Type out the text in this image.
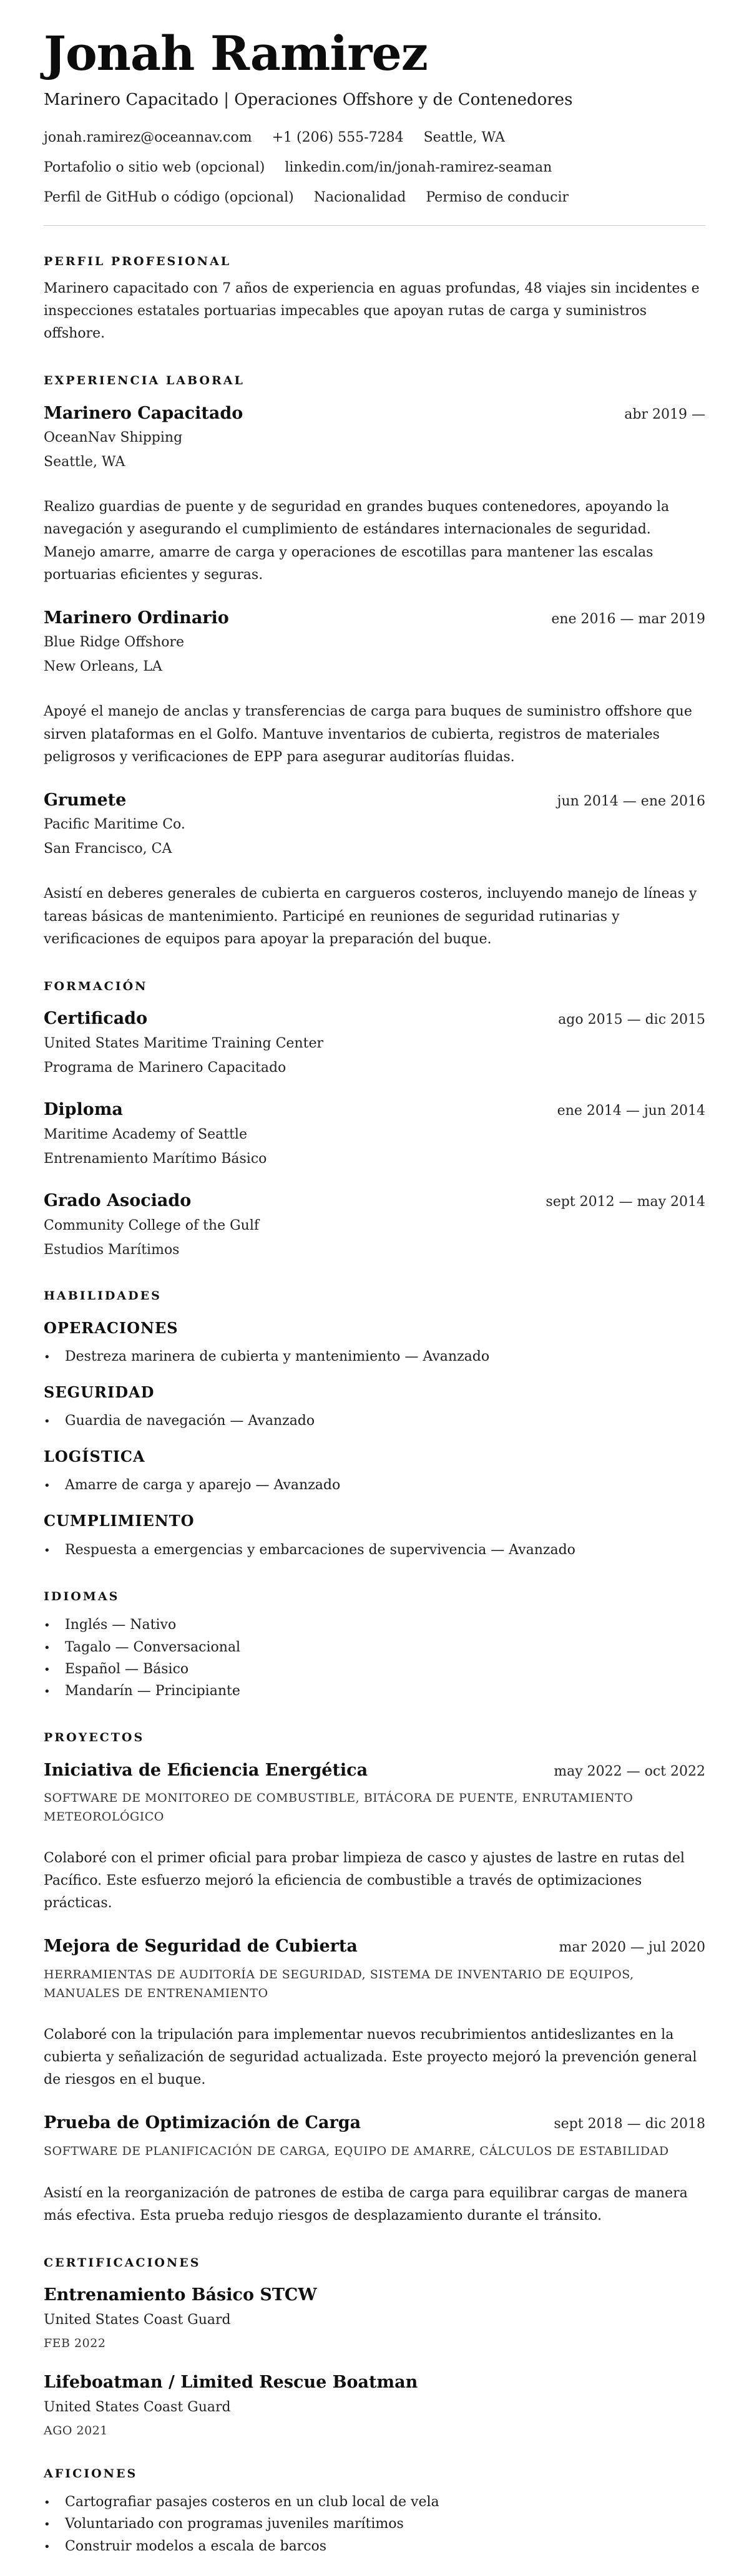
Jonah Ramirez
Marinero Capacitado | Operaciones Offshore y de Contenedores
jonah.ramirez@oceannav.com +1 (206) 555-7284 Seattle, WA
Portafolio o sitio web (opcional) linkedin.com/in/jonah-ramirez-seaman
Perfil de GitHub o código (opcional) Nacionalidad Permiso de conducir
PERFIL PROFESIONAL

Marinero capacitado con 7 años de experiencia en aguas profundas, 48 viajes sin incidentes e inspecciones estatales portuarias impecables que apoyan rutas de carga y suministros offshore.

EXPERIENCIA LABORAL
Marinero Capacitado	abr 2019 —
OceanNav Shipping
Seattle, WA

Realizo guardias de puente y de seguridad en grandes buques contenedores, apoyando la navegación y asegurando el cumplimiento de estándares internacionales de seguridad. Manejo amarre, amarre de carga y operaciones de escotillas para mantener las escalas portuarias eficientes y seguras.

Marinero Ordinario	ene 2016 — mar 2019
Blue Ridge Offshore
New Orleans, LA

Apoyé el manejo de anclas y transferencias de carga para buques de suministro offshore que sirven plataformas en el Golfo. Mantuve inventarios de cubierta, registros de materiales peligrosos y verificaciones de EPP para asegurar auditorías fluidas.

Grumete	jun 2014 — ene 2016
Pacific Maritime Co.
San Francisco, CA

Asistí en deberes generales de cubierta en cargueros costeros, incluyendo manejo de líneas y tareas básicas de mantenimiento. Participé en reuniones de seguridad rutinarias y verificaciones de equipos para apoyar la preparación del buque.

FORMACIÓN
Certificado	ago 2015 — dic 2015
United States Maritime Training Center
Programa de Marinero Capacitado
Diploma	ene 2014 — jun 2014
Maritime Academy of Seattle
Entrenamiento Marítimo Básico
Grado Asociado	sept 2012 — may 2014
Community College of the Gulf
Estudios Marítimos
HABILIDADES
OPERACIONES
•	Destreza marinera de cubierta y mantenimiento — Avanzado
SEGURIDAD
•	Guardia de navegación — Avanzado
LOGÍSTICA
•	Amarre de carga y aparejo — Avanzado
CUMPLIMIENTO
•	Respuesta a emergencias y embarcaciones de supervivencia — Avanzado
IDIOMAS
•	Inglés — Nativo
•	Tagalo — Conversacional
•	Español — Básico
•	Mandarín — Principiante
PROYECTOS
Iniciativa de Eficiencia Energética	may 2022 — oct 2022
SOFTWARE DE MONITOREO DE COMBUSTIBLE, BITÁCORA DE PUENTE, ENRUTAMIENTO METEOROLÓGICO

Colaboré con el primer oficial para probar limpieza de casco y ajustes de lastre en rutas del Pacífico. Este esfuerzo mejoró la eficiencia de combustible a través de optimizaciones prácticas.

Mejora de Seguridad de Cubierta	mar 2020 — jul 2020
HERRAMIENTAS DE AUDITORÍA DE SEGURIDAD, SISTEMA DE INVENTARIO DE EQUIPOS, MANUALES DE ENTRENAMIENTO

Colaboré con la tripulación para implementar nuevos recubrimientos antideslizantes en la cubierta y señalización de seguridad actualizada. Este proyecto mejoró la prevención general de riesgos en el buque.

Prueba de Optimización de Carga	sept 2018 — dic 2018
SOFTWARE DE PLANIFICACIÓN DE CARGA, EQUIPO DE AMARRE, CÁLCULOS DE ESTABILIDAD

Asistí en la reorganización de patrones de estiba de carga para equilibrar cargas de manera más efectiva. Esta prueba redujo riesgos de desplazamiento durante el tránsito.

CERTIFICACIONES
Entrenamiento Básico STCW
United States Coast Guard
FEB 2022
Lifeboatman / Limited Rescue Boatman
United States Coast Guard
AGO 2021
AFICIONES
•	Cartografiar pasajes costeros en un club local de vela
•	Voluntariado con programas juveniles marítimos
•	Construir modelos a escala de barcos
